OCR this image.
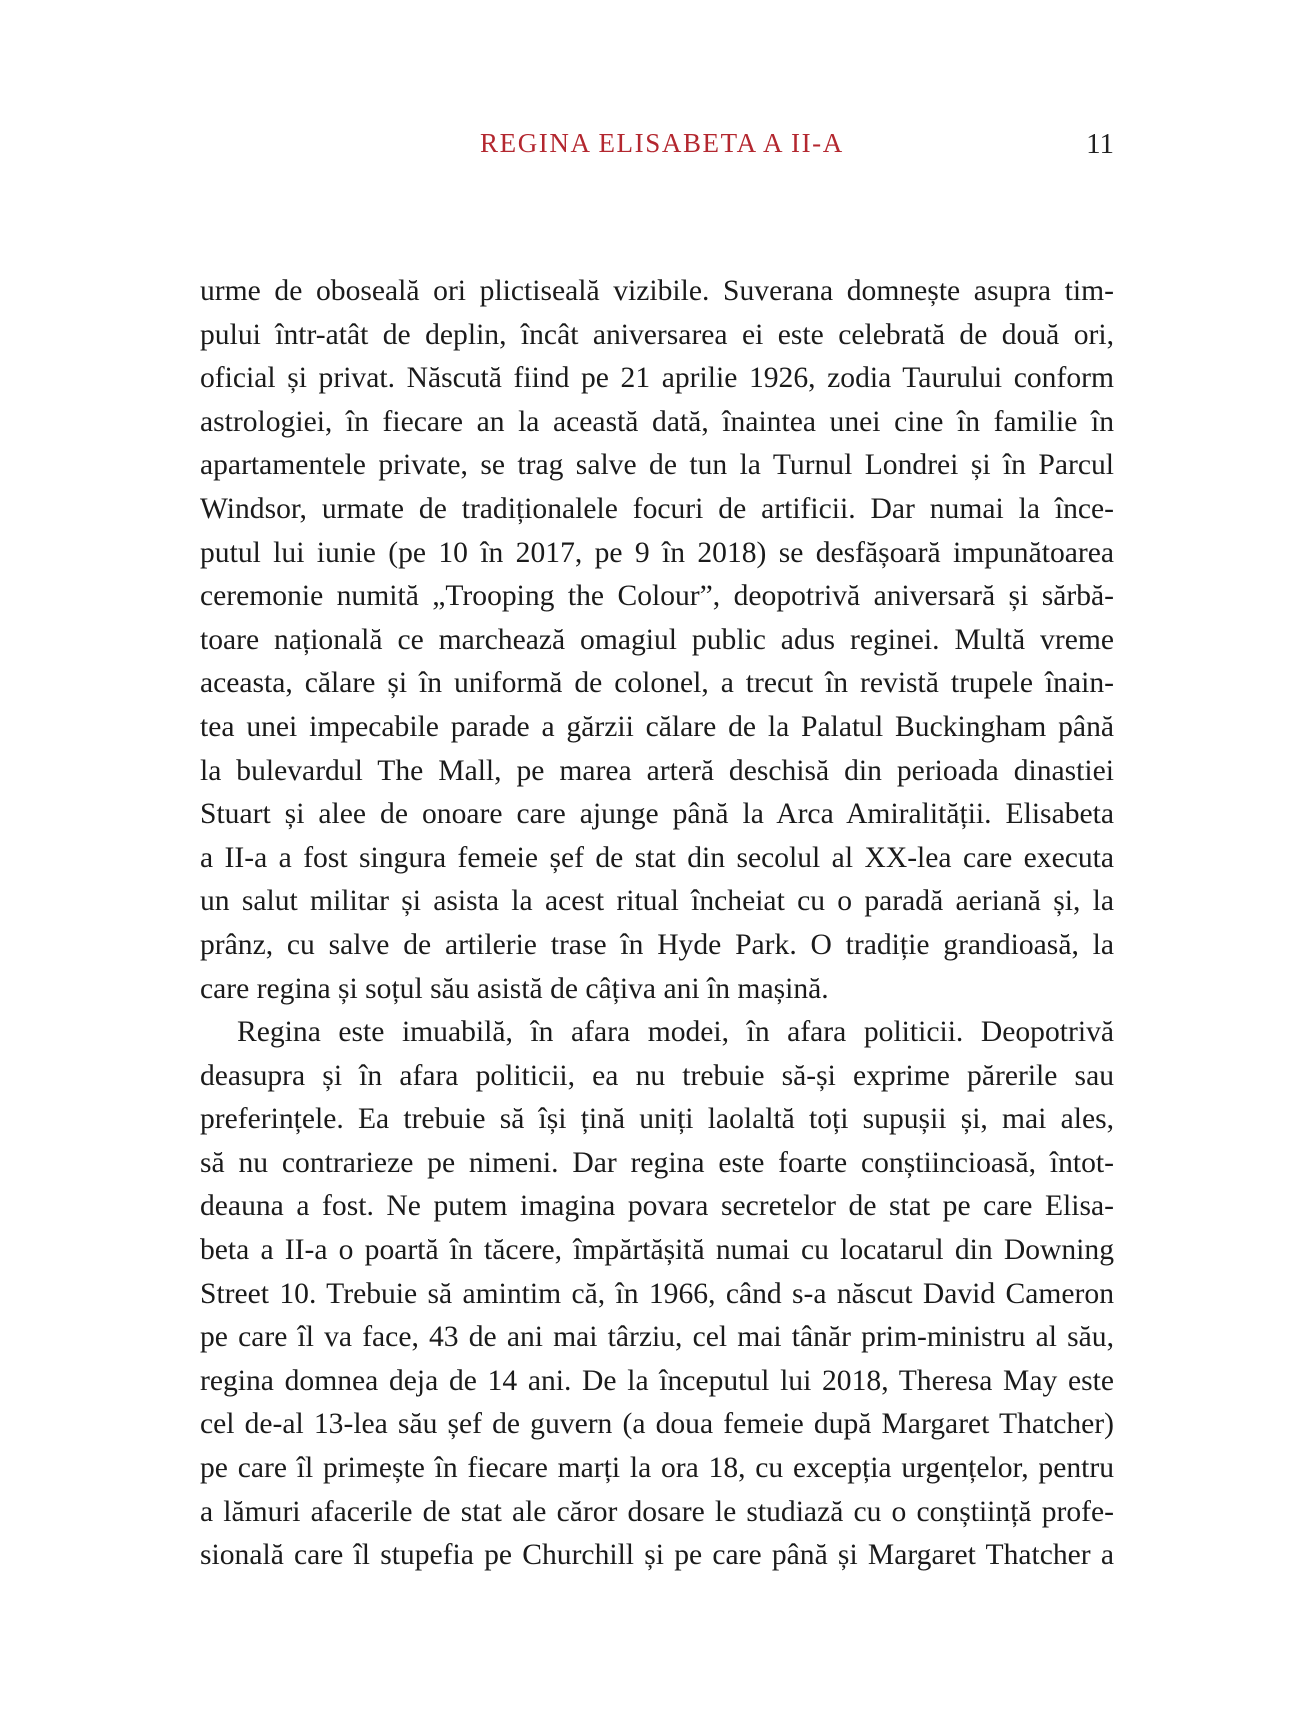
REGINA ELISABETA A II-A	11
urme de oboseală ori plictiseală vizibile. Suverana domnește asupra tim-
pului într-atât de deplin, încât aniversarea ei este celebrată de două ori,
oficial și privat. Născută fiind pe 21 aprilie 1926, zodia Taurului conform
astrologiei, în fiecare an la această dată, înaintea unei cine în familie în
apartamentele private, se trag salve de tun la Turnul Londrei și în Parcul
Windsor, urmate de tradiționalele focuri de artificii. Dar numai la înce-
putul lui iunie (pe 10 în 2017, pe 9 în 2018) se desfășoară impunătoarea
ceremonie numită „Trooping the Colour”, deopotrivă aniversară și sărbă-
toare națională ce marchează omagiul public adus reginei. Multă vreme
aceasta, călare și în uniformă de colonel, a trecut în revistă trupele înain-
tea unei impecabile parade a gărzii călare de la Palatul Buckingham până
la bulevardul The Mall, pe marea arteră deschisă din perioada dinastiei
Stuart și alee de onoare care ajunge până la Arca Amiralității. Elisabeta
a II-a a fost singura femeie șef de stat din secolul al XX-lea care executa
un salut militar și asista la acest ritual încheiat cu o paradă aeriană și, la
prânz, cu salve de artilerie trase în Hyde Park. O tradiție grandioasă, la
care regina și soțul său asistă de câțiva ani în mașină.
Regina este imuabilă, în afara modei, în afara politicii. Deopotrivă
deasupra și în afara politicii, ea nu trebuie să-și exprime părerile sau
preferințele. Ea trebuie să își țină uniți laolaltă toți supușii și, mai ales,
să nu contrarieze pe nimeni. Dar regina este foarte conștiincioasă, întot-
deauna a fost. Ne putem imagina povara secretelor de stat pe care Elisa-
beta a II-a o poartă în tăcere, împărtășită numai cu locatarul din Downing
Street 10. Trebuie să amintim că, în 1966, când s-a născut David Cameron
pe care îl va face, 43 de ani mai târziu, cel mai tânăr prim-ministru al său,
regina domnea deja de 14 ani. De la începutul lui 2018, Theresa May este
cel de-al 13-lea său șef de guvern (a doua femeie după Margaret Thatcher)
pe care îl primește în fiecare marți la ora 18, cu excepția urgențelor, pentru
a lămuri afacerile de stat ale căror dosare le studiază cu o conștiință profe-
sională care îl stupefia pe Churchill și pe care până și Margaret Thatcher a
